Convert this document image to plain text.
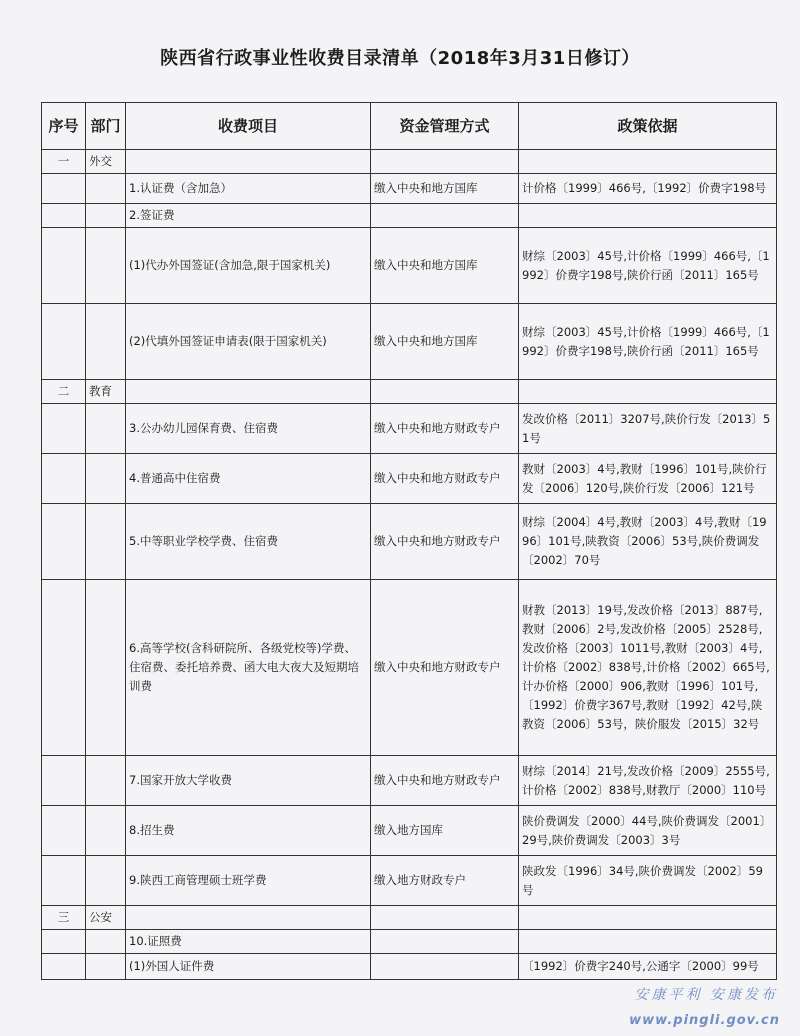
陕西省行政事业性收费目录清单（2018年3月31日修订）
序号	部门	收费项目	资金管理方式	政策依据
一	外交			
		1.认证费（含加急）	缴入中央和地方国库	计价格〔1999〕466号,〔1992〕价费字198号
		2.签证费		
		(1)代办外国签证(含加急,限于国家机关)	缴入中央和地方国库	财综〔2003〕45号,计价格〔1999〕466号,〔1992〕价费字198号,陕价行函〔2011〕165号
		(2)代填外国签证申请表(限于国家机关)	缴入中央和地方国库	财综〔2003〕45号,计价格〔1999〕466号,〔1992〕价费字198号,陕价行函〔2011〕165号
二	教育			
		3.公办幼儿园保育费、住宿费	缴入中央和地方财政专户	发改价格〔2011〕3207号,陕价行发〔2013〕51号
		4.普通高中住宿费	缴入中央和地方财政专户	教财〔2003〕4号,教财〔1996〕101号,陕价行发〔2006〕120号,陕价行发〔2006〕121号
		5.中等职业学校学费、住宿费	缴入中央和地方财政专户	财综〔2004〕4号,教财〔2003〕4号,教财〔1996〕101号,陕教资〔2006〕53号,陕价费调发〔2002〕70号
		6.高等学校(含科研院所、各级党校等)学费、住宿费、委托培养费、函大电大夜大及短期培训费	缴入中央和地方财政专户	财教〔2013〕19号,发改价格〔2013〕887号,教财〔2006〕2号,发改价格〔2005〕2528号,发改价格〔2003〕1011号,教财〔2003〕4号,计价格〔2002〕838号,计价格〔2002〕665号,计办价格〔2000〕906,教财〔1996〕101号,〔1992〕价费字367号,教财〔1992〕42号,陕教资〔2006〕53号，陕价服发〔2015〕32号
		7.国家开放大学收费	缴入中央和地方财政专户	财综〔2014〕21号,发改价格〔2009〕2555号,计价格〔2002〕838号,财教厅〔2000〕110号
		8.招生费	缴入地方国库	陕价费调发〔2000〕44号,陕价费调发〔2001〕29号,陕价费调发〔2003〕3号
		9.陕西工商管理硕士班学费	缴入地方财政专户	陕政发〔1996〕34号,陕价费调发〔2002〕59号
三	公安			
		10.证照费		
		(1)外国人证件费		〔1992〕价费字240号,公通字〔2000〕99号
安康平利 安康发布
www.pingli.gov.cn
